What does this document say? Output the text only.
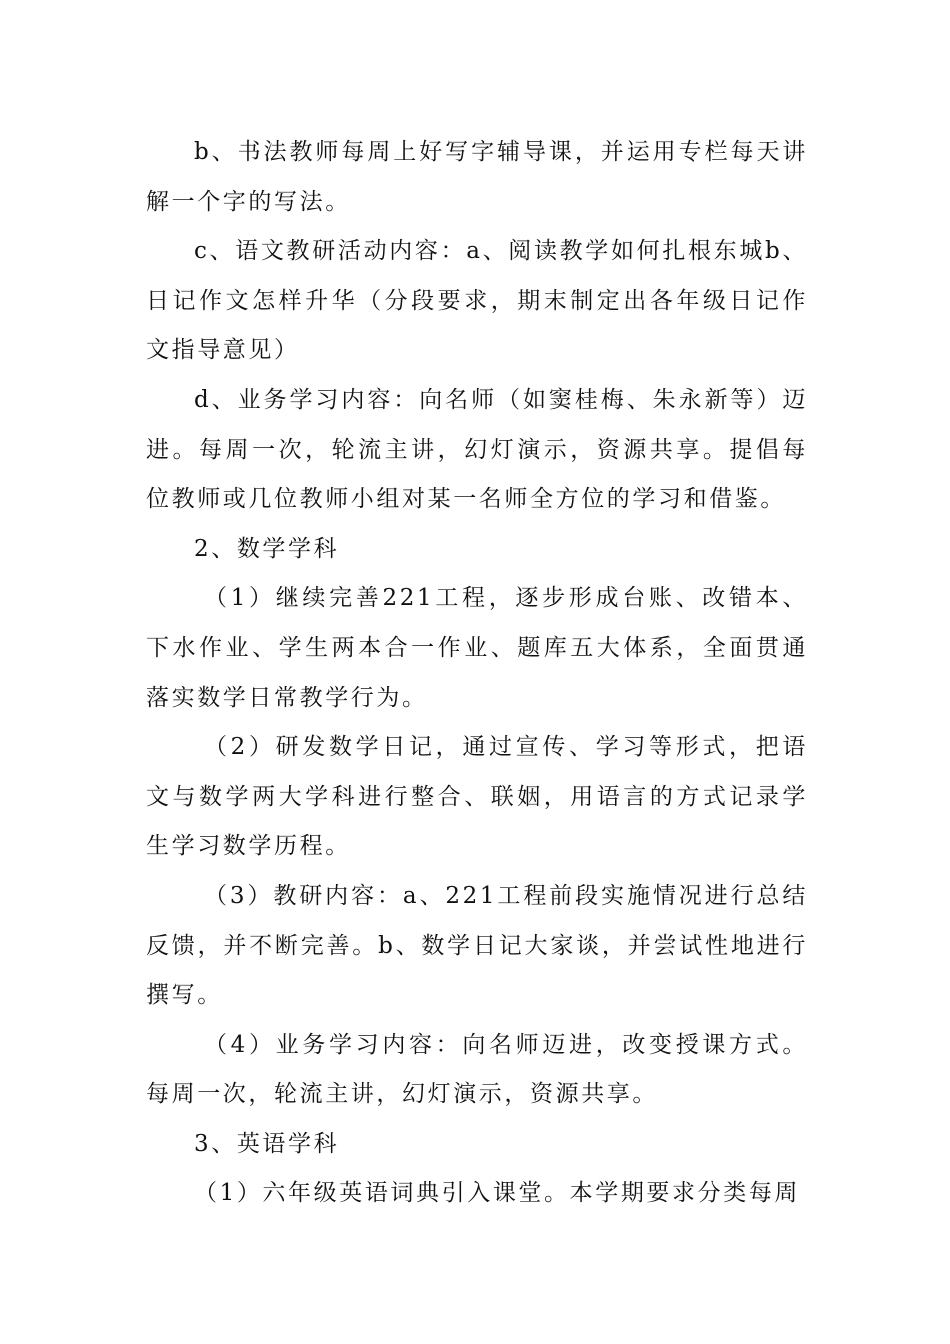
b、书法教师每周上好写字辅导课，并运用专栏每天讲解一个字的写法。

c、语文教研活动内容：a、阅读教学如何扎根东城b、日记作文怎样升华（分段要求，期末制定出各年级日记作文指导意见）

d、业务学习内容：向名师（如窦桂梅、朱永新等）迈进。每周一次，轮流主讲，幻灯演示，资源共享。提倡每位教师或几位教师小组对某一名师全方位的学习和借鉴。

2、数学学科

（1）继续完善221工程，逐步形成台账、改错本、下水作业、学生两本合一作业、题库五大体系，全面贯通落实数学日常教学行为。

（2）研发数学日记，通过宣传、学习等形式，把语文与数学两大学科进行整合、联姻，用语言的方式记录学生学习数学历程。

（3）教研内容：a、221工程前段实施情况进行总结反馈，并不断完善。b、数学日记大家谈，并尝试性地进行撰写。

（4）业务学习内容：向名师迈进，改变授课方式。每周一次，轮流主讲，幻灯演示，资源共享。

3、英语学科

（1）六年级英语词典引入课堂。本学期要求分类每周
